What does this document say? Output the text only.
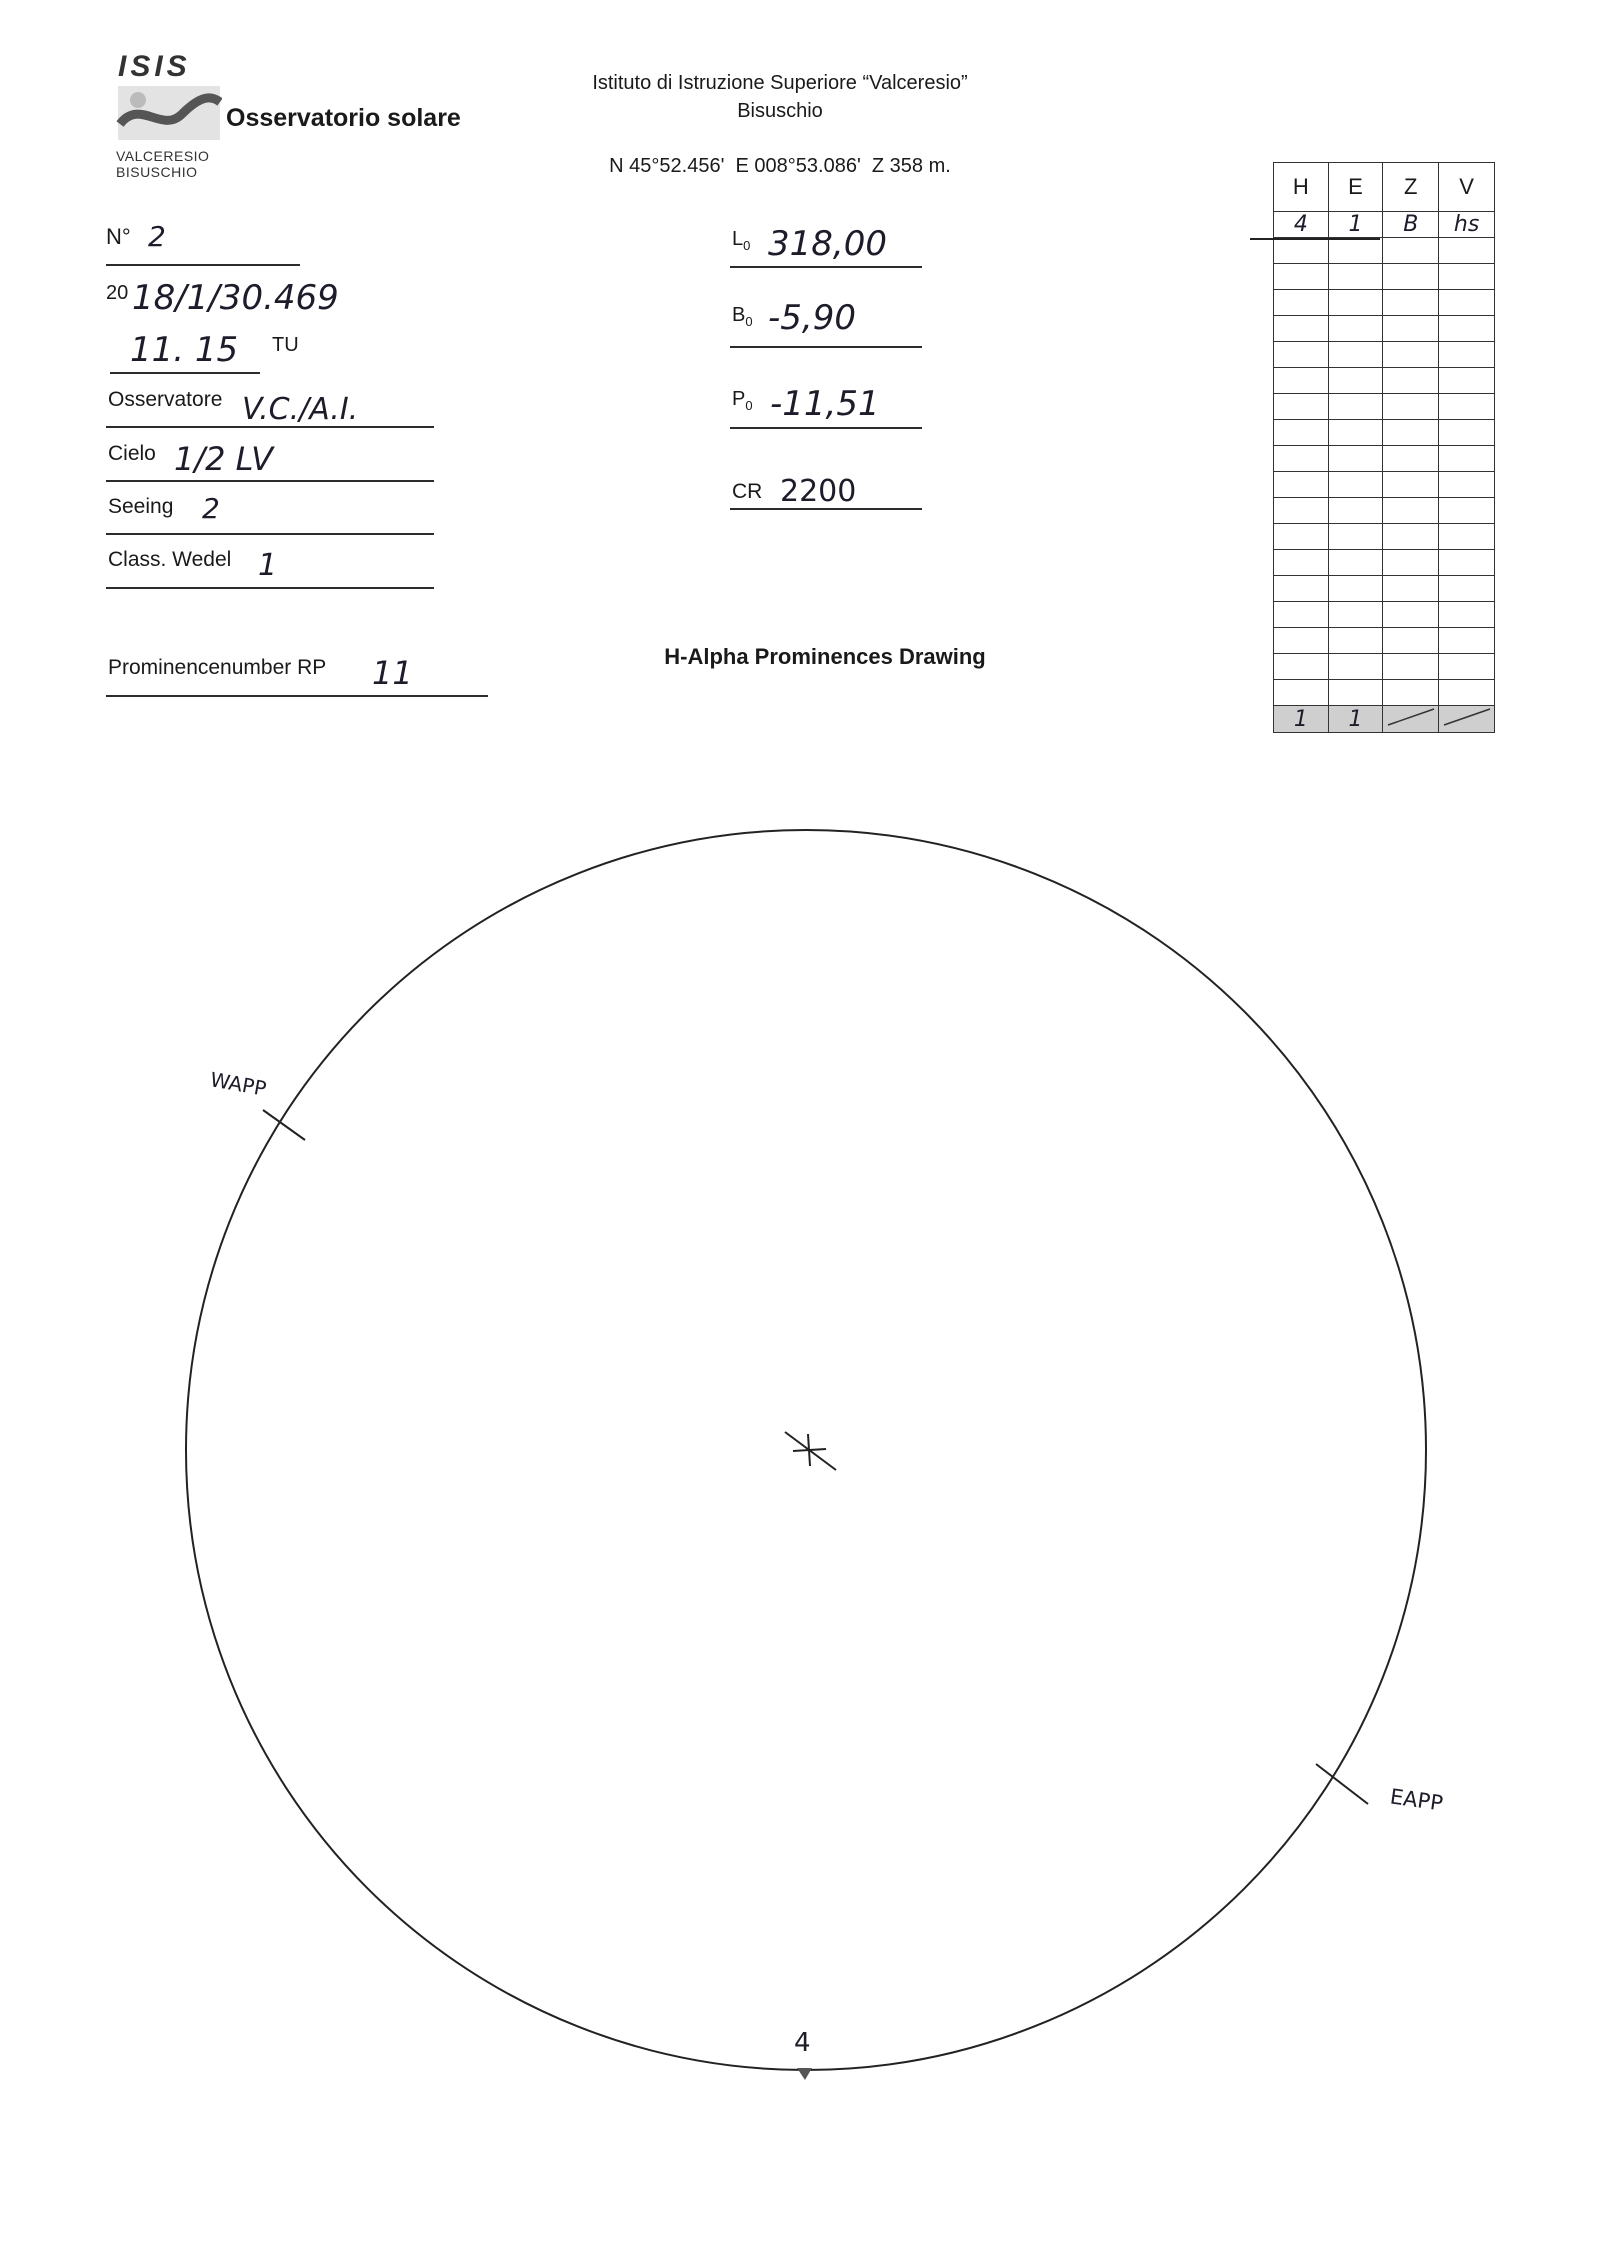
ISIS
VALCERESIO
BISUSCHIO
Osservatorio solare
Istituto di Istruzione Superiore “Valceresio”
Bisuschio
N 45°52.456'  E 008°53.086'  Z 358 m.
N° 2
20 18/1/30.469
11. 15 TU
Osservatore V.C./A.I.
Cielo 1/2 LV
Seeing 2
Class. Wedel 1
Prominencenumber RP 11
$L_0$ 318,00
$B_0$ -5,90
$P_0$ -11,51
CR 2200
H-Alpha Prominences Drawing
H	E	Z	V
4	1	B	hs

1	1		
WAPP
EAPP
4
